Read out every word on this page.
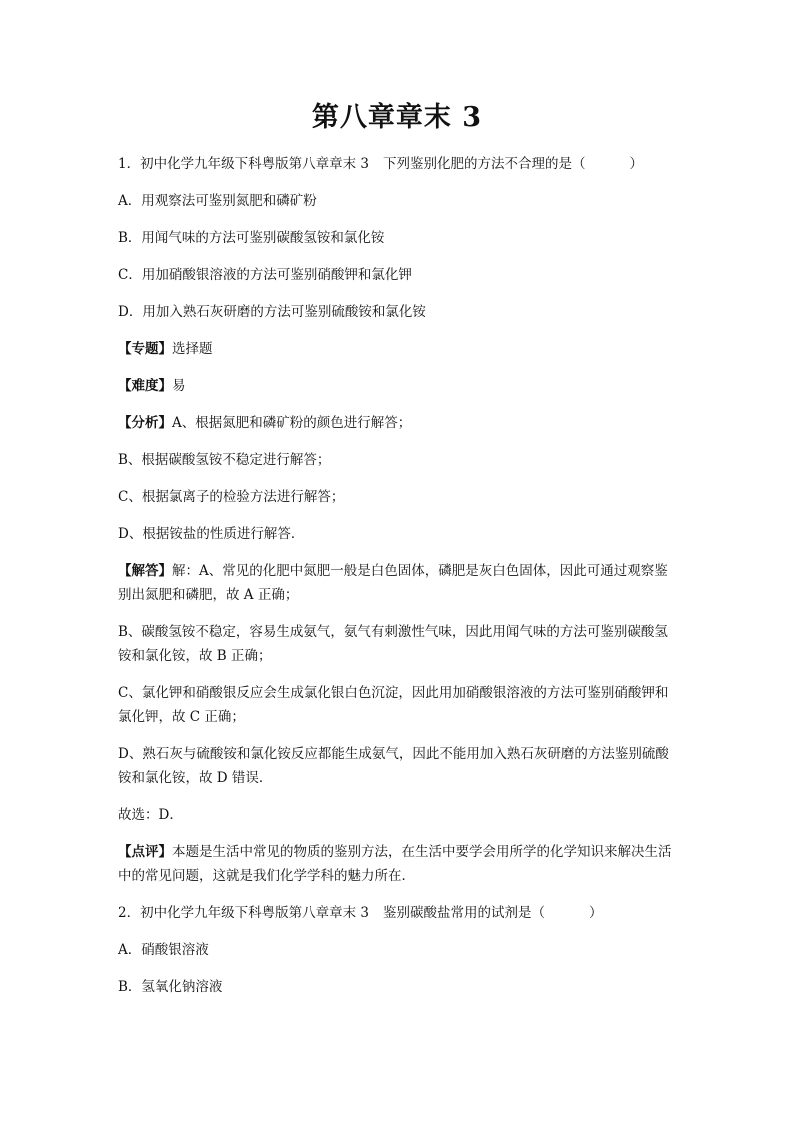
第八章章末 3

1．初中化学九年级下科粤版第八章章末 3 下列鉴别化肥的方法不合理的是（	）

A．用观察法可鉴别氮肥和磷矿粉

B．用闻气味的方法可鉴别碳酸氢铵和氯化铵

C．用加硝酸银溶液的方法可鉴别硝酸钾和氯化钾

D．用加入熟石灰研磨的方法可鉴别硫酸铵和氯化铵

【专题】选择题

【难度】易

【分析】A、根据氮肥和磷矿粉的颜色进行解答；

B、根据碳酸氢铵不稳定进行解答；

C、根据氯离子的检验方法进行解答；

D、根据铵盐的性质进行解答．

【解答】解：A、常见的化肥中氮肥一般是白色固体，磷肥是灰白色固体，因此可通过观察鉴别出氮肥和磷肥，故 A 正确；

B、碳酸氢铵不稳定，容易生成氨气，氨气有刺激性气味，因此用闻气味的方法可鉴别碳酸氢铵和氯化铵，故 B 正确；

C、氯化钾和硝酸银反应会生成氯化银白色沉淀，因此用加硝酸银溶液的方法可鉴别硝酸钾和氯化钾，故 C 正确；

D、熟石灰与硫酸铵和氯化铵反应都能生成氨气，因此不能用加入熟石灰研磨的方法鉴别硫酸铵和氯化铵，故 D 错误．

故选：D．

【点评】本题是生活中常见的物质的鉴别方法，在生活中要学会用所学的化学知识来解决生活中的常见问题，这就是我们化学学科的魅力所在．

2．初中化学九年级下科粤版第八章章末 3 鉴别碳酸盐常用的试剂是（	）

A．硝酸银溶液

B．氢氧化钠溶液
